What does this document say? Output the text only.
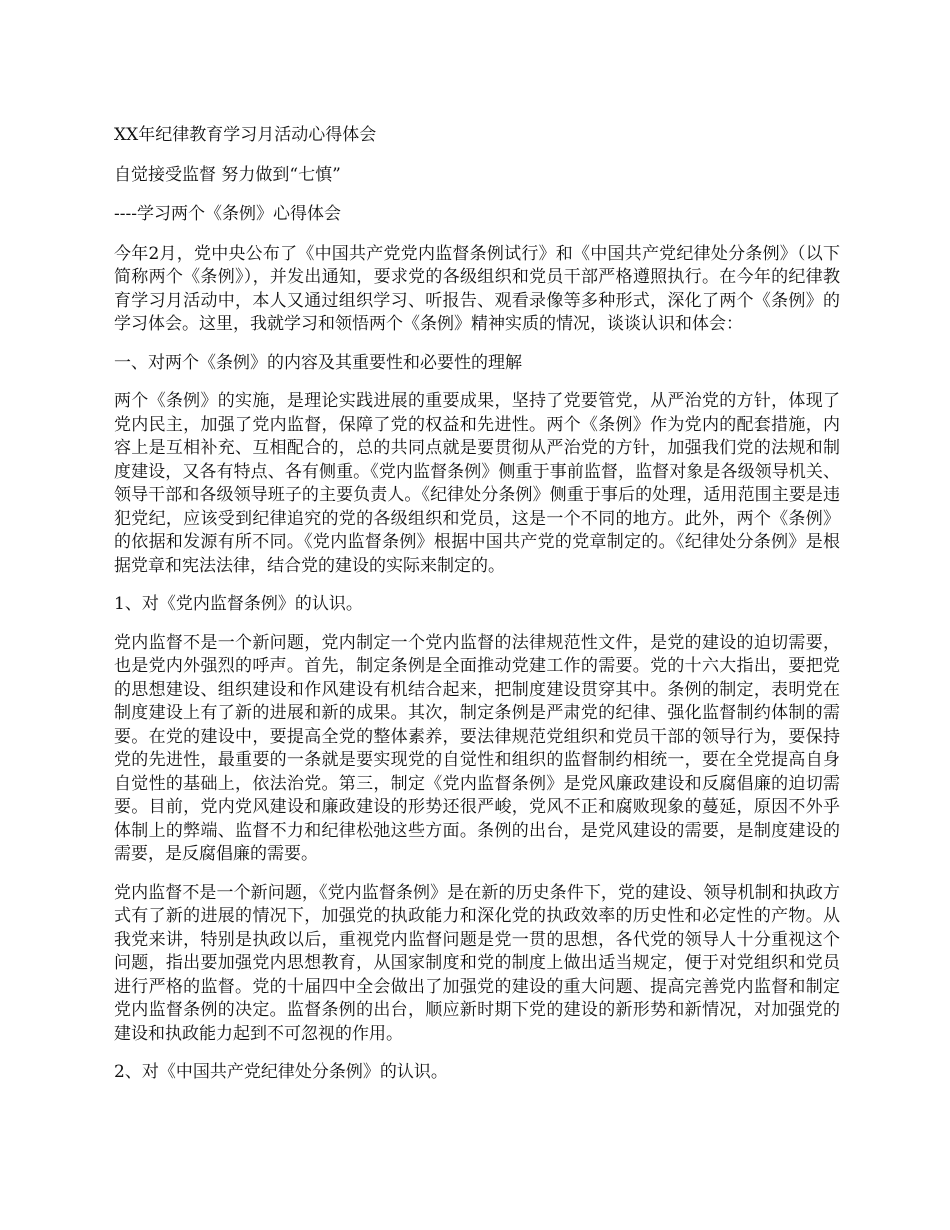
XX年纪律教育学习月活动心得体会

自觉接受监督 努力做到“七慎”

----学习两个《条例》心得体会

今年2月，党中央公布了《中国共产党党内监督条例试行》和《中国共产党纪律处分条例》（以下简称两个《条例》），并发出通知，要求党的各级组织和党员干部严格遵照执行。在今年的纪律教育学习月活动中，本人又通过组织学习、听报告、观看录像等多种形式，深化了两个《条例》的学习体会。这里，我就学习和领悟两个《条例》精神实质的情况，谈谈认识和体会：

一、对两个《条例》的内容及其重要性和必要性的理解

两个《条例》的实施，是理论实践进展的重要成果，坚持了党要管党，从严治党的方针，体现了党内民主，加强了党内监督，保障了党的权益和先进性。两个《条例》作为党内的配套措施，内容上是互相补充、互相配合的，总的共同点就是要贯彻从严治党的方针，加强我们党的法规和制度建设，又各有特点、各有侧重。《党内监督条例》侧重于事前监督，监督对象是各级领导机关、领导干部和各级领导班子的主要负责人。《纪律处分条例》侧重于事后的处理，适用范围主要是违犯党纪，应该受到纪律追究的党的各级组织和党员，这是一个不同的地方。此外，两个《条例》的依据和发源有所不同。《党内监督条例》根据中国共产党的党章制定的。《纪律处分条例》是根据党章和宪法法律，结合党的建设的实际来制定的。

1、对《党内监督条例》的认识。

党内监督不是一个新问题，党内制定一个党内监督的法律规范性文件，是党的建设的迫切需要，也是党内外强烈的呼声。首先，制定条例是全面推动党建工作的需要。党的十六大指出，要把党的思想建设、组织建设和作风建设有机结合起来，把制度建设贯穿其中。条例的制定，表明党在制度建设上有了新的进展和新的成果。其次，制定条例是严肃党的纪律、强化监督制约体制的需要。在党的建设中，要提高全党的整体素养，要法律规范党组织和党员干部的领导行为，要保持党的先进性，最重要的一条就是要实现党的自觉性和组织的监督制约相统一，要在全党提高自身自觉性的基础上，依法治党。第三，制定《党内监督条例》是党风廉政建设和反腐倡廉的迫切需要。目前，党内党风建设和廉政建设的形势还很严峻，党风不正和腐败现象的蔓延，原因不外乎体制上的弊端、监督不力和纪律松弛这些方面。条例的出台，是党风建设的需要，是制度建设的需要，是反腐倡廉的需要。

党内监督不是一个新问题，《党内监督条例》是在新的历史条件下，党的建设、领导机制和执政方式有了新的进展的情况下，加强党的执政能力和深化党的执政效率的历史性和必定性的产物。从我党来讲，特别是执政以后，重视党内监督问题是党一贯的思想，各代党的领导人十分重视这个问题，指出要加强党内思想教育，从国家制度和党的制度上做出适当规定，便于对党组织和党员进行严格的监督。党的十届四中全会做出了加强党的建设的重大问题、提高完善党内监督和制定党内监督条例的决定。监督条例的出台，顺应新时期下党的建设的新形势和新情况，对加强党的建设和执政能力起到不可忽视的作用。

2、对《中国共产党纪律处分条例》的认识。
